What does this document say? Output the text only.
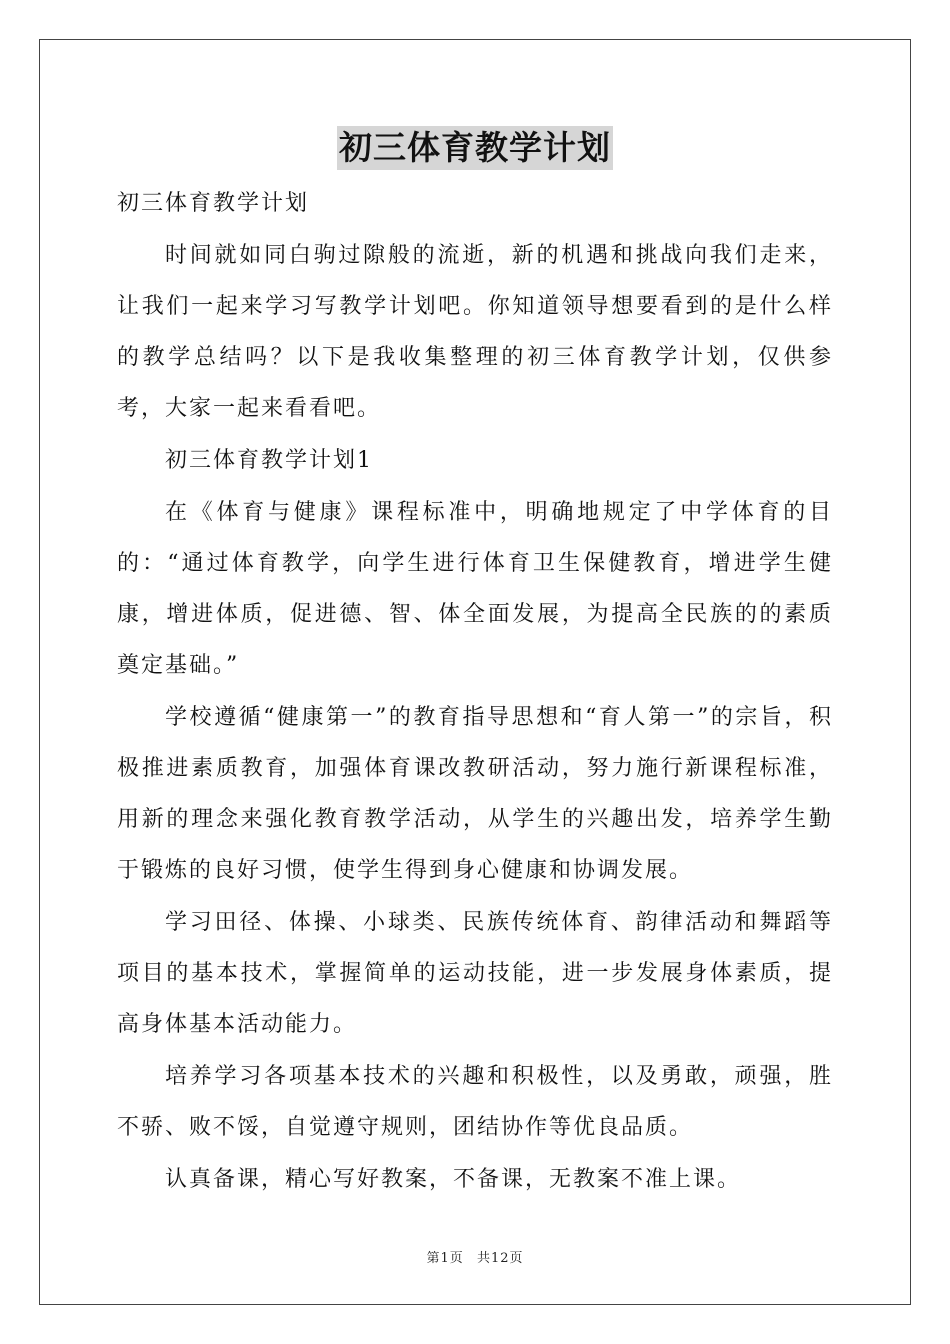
初三体育教学计划

初三体育教学计划

时间就如同白驹过隙般的流逝，新的机遇和挑战向我们走来，让我们一起来学习写教学计划吧。你知道领导想要看到的是什么样的教学总结吗？以下是我收集整理的初三体育教学计划，仅供参考，大家一起来看看吧。

初三体育教学计划1

在《体育与健康》课程标准中，明确地规定了中学体育的目的：“通过体育教学，向学生进行体育卫生保健教育，增进学生健康，增进体质，促进德、智、体全面发展，为提高全民族的的素质奠定基础。”

学校遵循“健康第一”的教育指导思想和“育人第一”的宗旨，积极推进素质教育，加强体育课改教研活动，努力施行新课程标准，用新的理念来强化教育教学活动，从学生的兴趣出发，培养学生勤于锻炼的良好习惯，使学生得到身心健康和协调发展。

学习田径、体操、小球类、民族传统体育、韵律活动和舞蹈等项目的基本技术，掌握简单的运动技能，进一步发展身体素质，提高身体基本活动能力。

培养学习各项基本技术的兴趣和积极性，以及勇敢，顽强，胜不骄、败不馁，自觉遵守规则，团结协作等优良品质。

认真备课，精心写好教案，不备课，无教案不准上课。

第1页 共12页
